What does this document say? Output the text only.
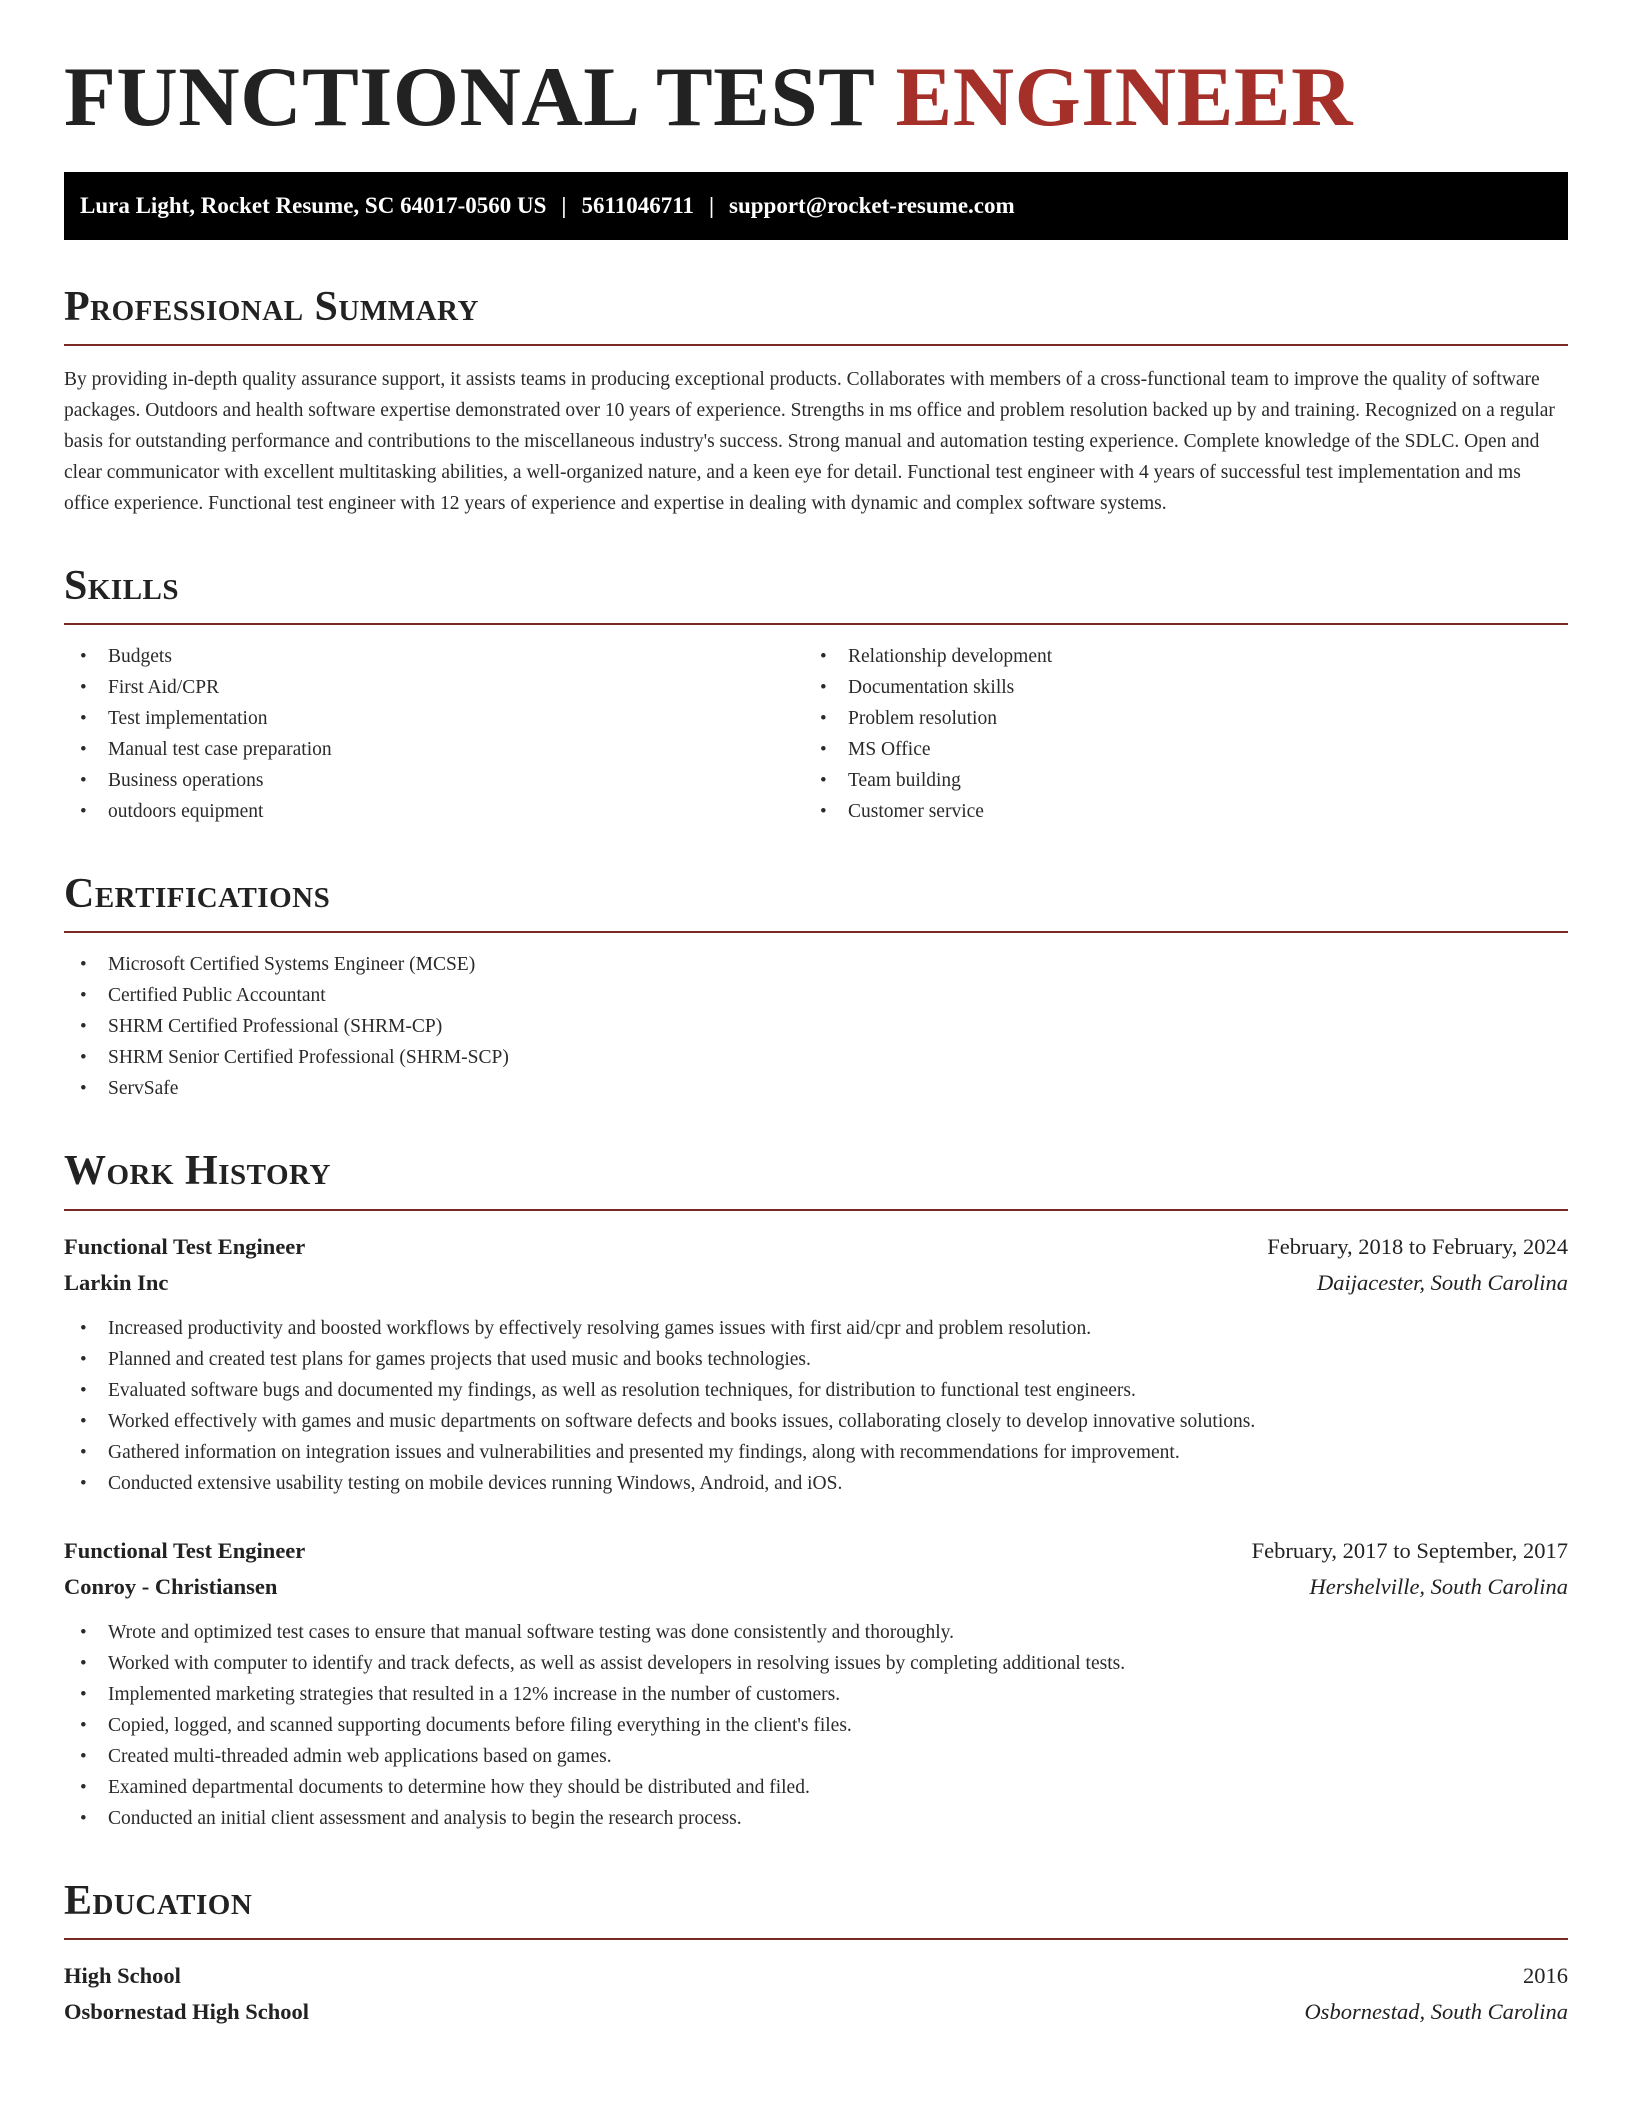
FUNCTIONAL TEST ENGINEER
Lura Light, Rocket Resume, SC 64017-0560 US | 5611046711 | support@rocket-resume.com
Professional Summary

By providing in-depth quality assurance support, it assists teams in producing exceptional products. Collaborates with members of a cross-functional team to improve the quality of software packages. Outdoors and health software expertise demonstrated over 10 years of experience. Strengths in ms office and problem resolution backed up by and training. Recognized on a regular basis for outstanding performance and contributions to the miscellaneous industry's success. Strong manual and automation testing experience. Complete knowledge of the SDLC. Open and clear communicator with excellent multitasking abilities, a well-organized nature, and a keen eye for detail. Functional test engineer with 4 years of successful test implementation and ms office experience. Functional test engineer with 12 years of experience and expertise in dealing with dynamic and complex software systems.

Skills
• Budgets
• First Aid/CPR
• Test implementation
• Manual test case preparation
• Business operations
• outdoors equipment
• Relationship development
• Documentation skills
• Problem resolution
• MS Office
• Team building
• Customer service
Certifications
• Microsoft Certified Systems Engineer (MCSE)
• Certified Public Accountant
• SHRM Certified Professional (SHRM-CP)
• SHRM Senior Certified Professional (SHRM-SCP)
• ServSafe
Work History
Functional Test Engineer	February, 2018 to February, 2024
Larkin Inc	Daijacester, South Carolina
• Increased productivity and boosted workflows by effectively resolving games issues with first aid/cpr and problem resolution.
• Planned and created test plans for games projects that used music and books technologies.
• Evaluated software bugs and documented my findings, as well as resolution techniques, for distribution to functional test engineers.
• Worked effectively with games and music departments on software defects and books issues, collaborating closely to develop innovative solutions.
• Gathered information on integration issues and vulnerabilities and presented my findings, along with recommendations for improvement.
• Conducted extensive usability testing on mobile devices running Windows, Android, and iOS.
Functional Test Engineer	February, 2017 to September, 2017
Conroy - Christiansen	Hershelville, South Carolina
• Wrote and optimized test cases to ensure that manual software testing was done consistently and thoroughly.
• Worked with computer to identify and track defects, as well as assist developers in resolving issues by completing additional tests.
• Implemented marketing strategies that resulted in a 12% increase in the number of customers.
• Copied, logged, and scanned supporting documents before filing everything in the client's files.
• Created multi-threaded admin web applications based on games.
• Examined departmental documents to determine how they should be distributed and filed.
• Conducted an initial client assessment and analysis to begin the research process.
Education
High School	2016
Osbornestad High School	Osbornestad, South Carolina
